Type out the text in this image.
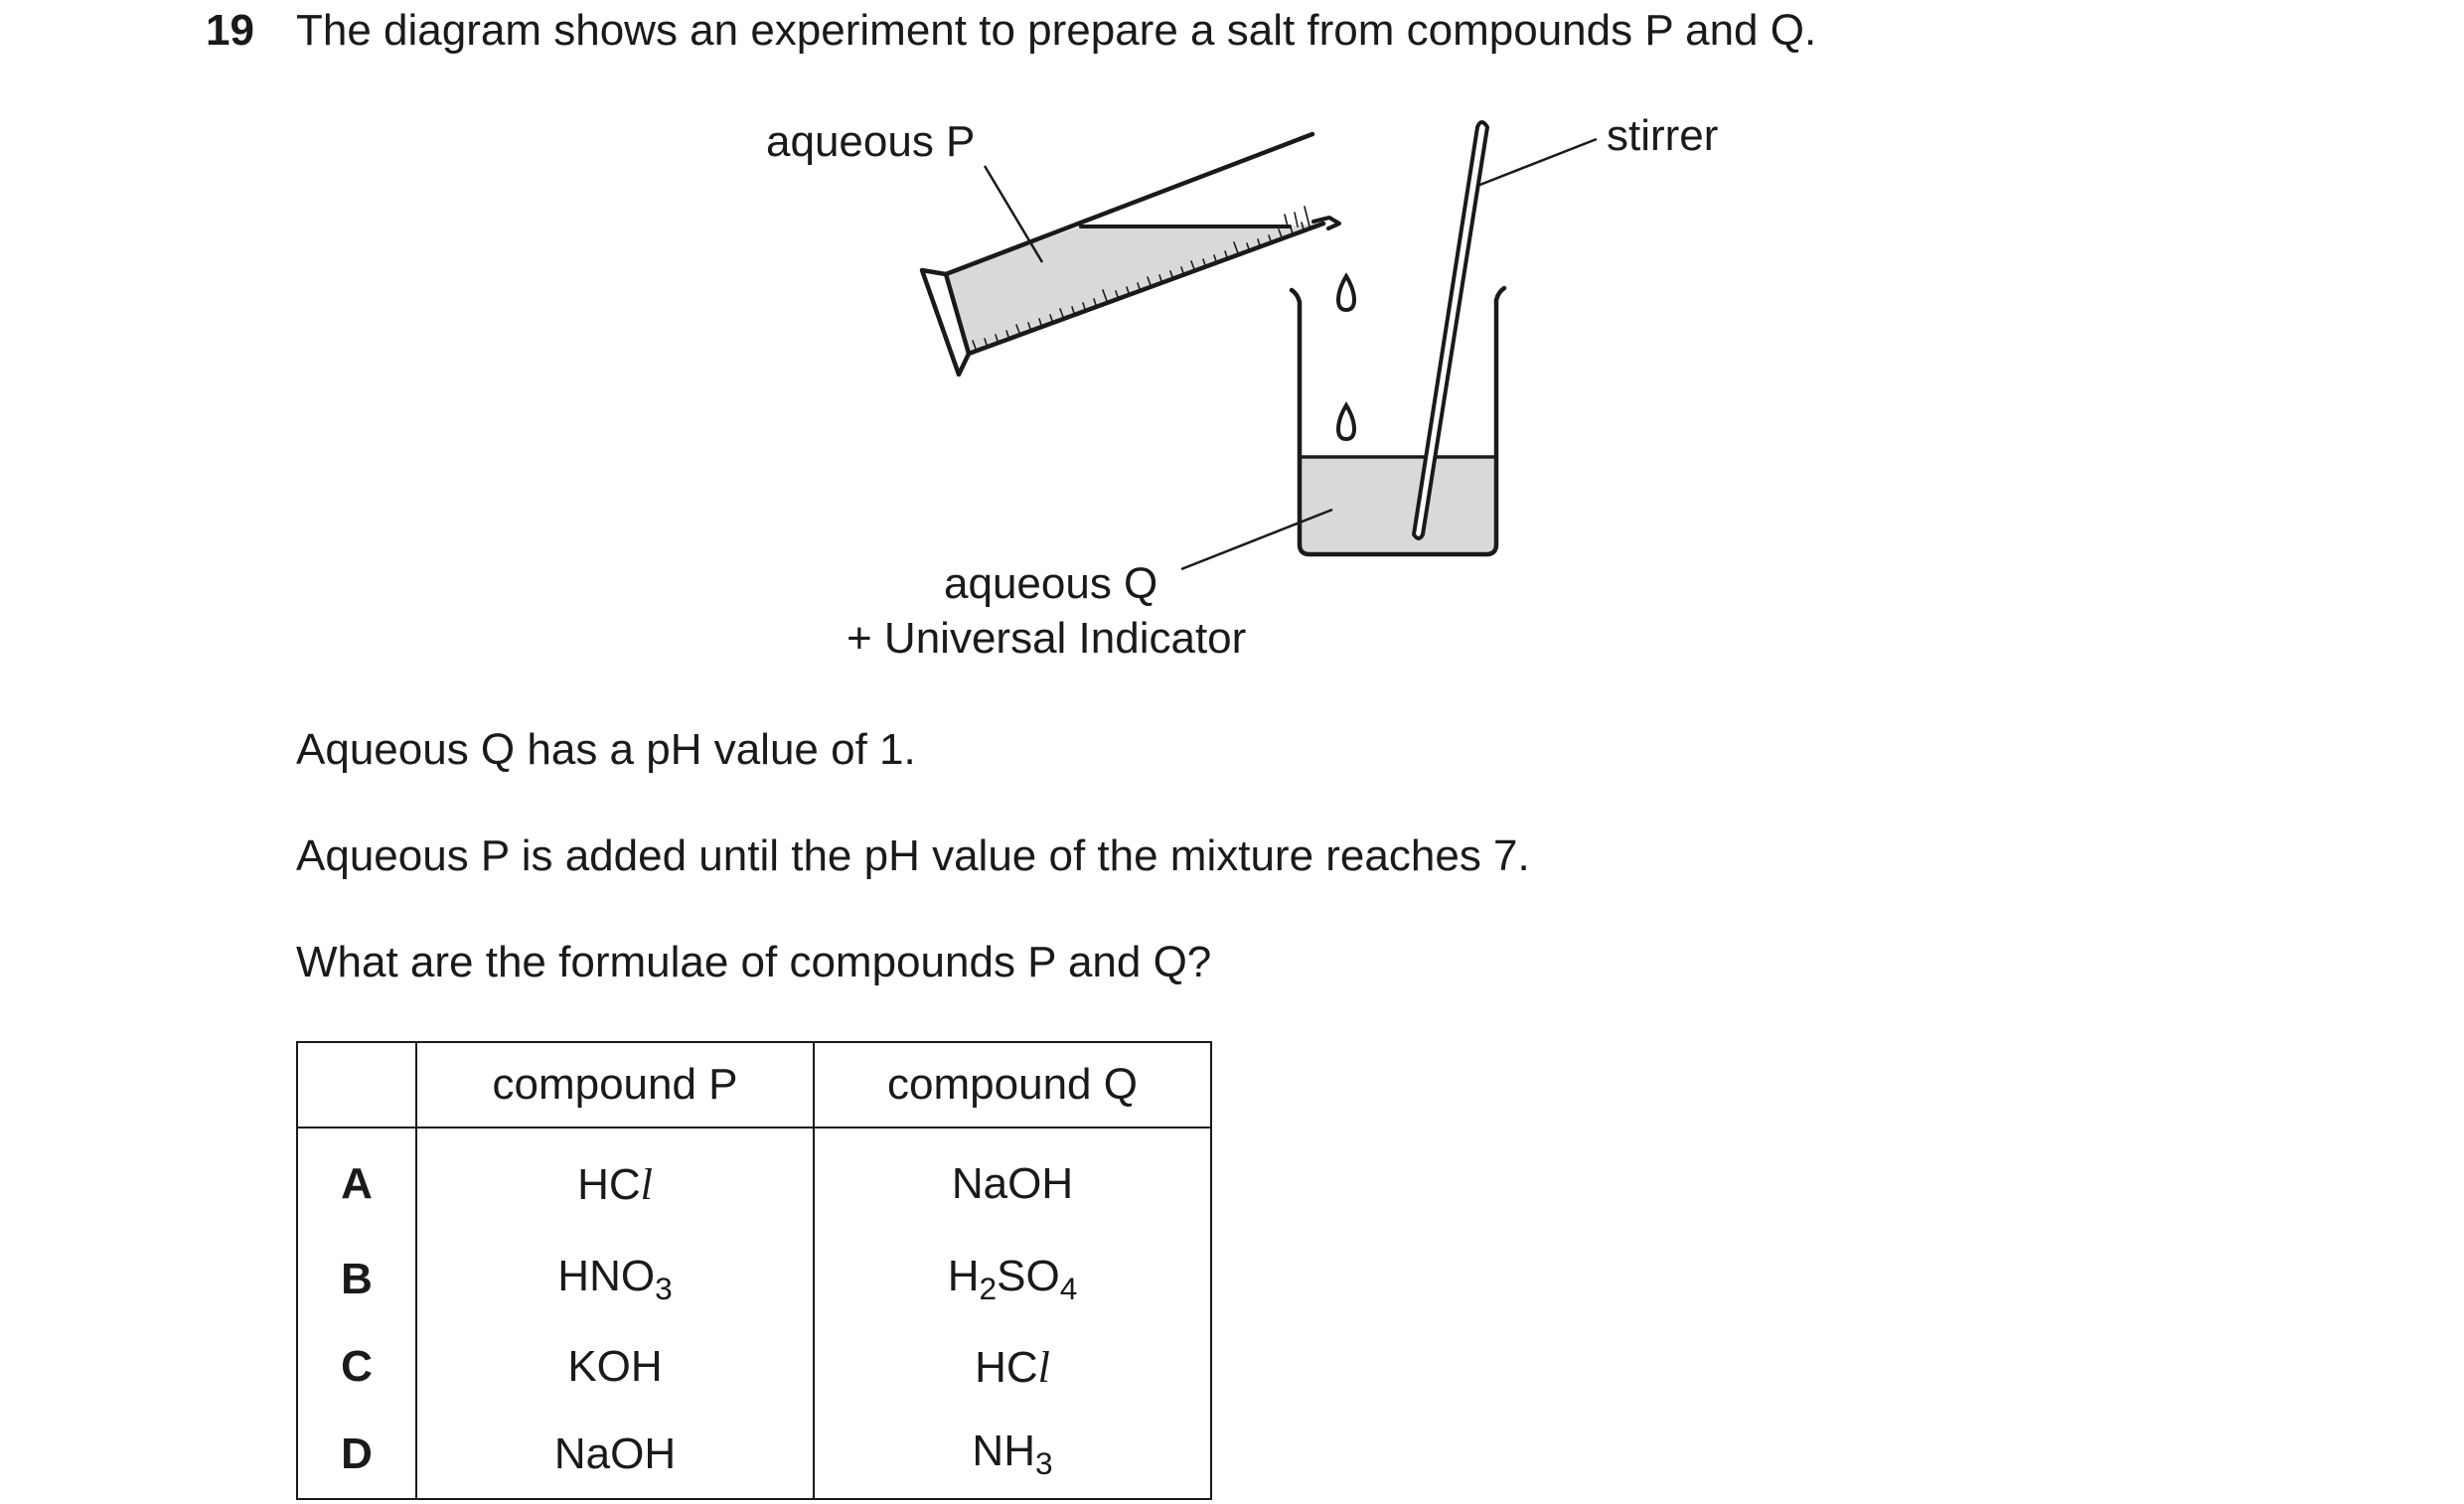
19 The diagram shows an experiment to prepare a salt from compounds P and Q.
aqueous P	stirrer
aqueous Q
+ Universal Indicator
Aqueous Q has a pH value of 1.
Aqueous P is added until the pH value of the mixture reaches 7.
What are the formulae of compounds P and Q?
	compound P	compound Q
A	HCl	NaOH
B	$HNO_3$	$H_2SO_4$
C	KOH	HCl
D	NaOH	$NH_3$
